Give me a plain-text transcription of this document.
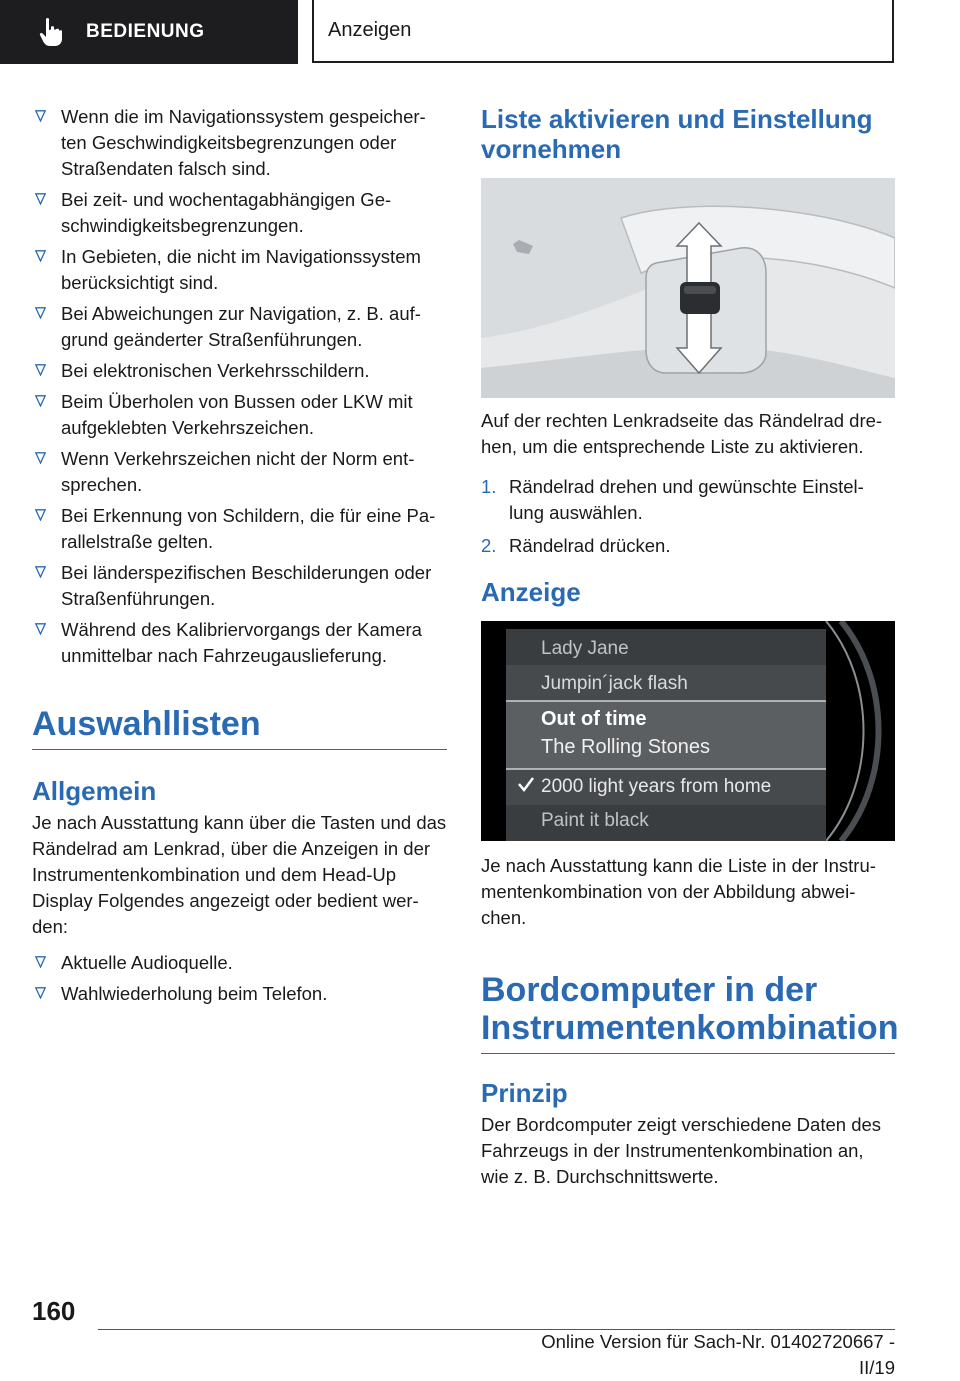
BEDIENUNG	Anzeigen
Wenn die im Navigationssystem gespeicher‐ten Geschwindigkeitsbegrenzungen oder Straßendaten falsch sind.
Bei zeit- und wochentagabhängigen Ge‐schwindigkeitsbegrenzungen.
In Gebieten, die nicht im Navigationssystem berücksichtigt sind.
Bei Abweichungen zur Navigation, z. B. auf‐grund geänderter Straßenführungen.
Bei elektronischen Verkehrsschildern.
Beim Überholen von Bussen oder LKW mit aufgeklebten Verkehrszeichen.
Wenn Verkehrszeichen nicht der Norm ent‐sprechen.
Bei Erkennung von Schildern, die für eine Pa‐rallelstraße gelten.
Bei länderspezifischen Beschilderungen oder Straßenführungen.
Während des Kalibriervorgangs der Kamera unmittelbar nach Fahrzeugauslieferung.
Auswahllisten
Allgemein

Je nach Ausstattung kann über die Tasten und das Rändelrad am Lenkrad, über die Anzeigen in der Instrumentenkombination und dem Head-Up Display Folgendes angezeigt oder bedient wer‐den:

Aktuelle Audioquelle.
Wahlwiederholung beim Telefon.
Liste aktivieren und Einstellung vornehmen

Auf der rechten Lenkradseite das Rändelrad dre‐hen, um die entsprechende Liste zu aktivieren.

1. Rändelrad drehen und gewünschte Einstel‐lung auswählen.
2. Rändelrad drücken.
Anzeige
Lady Jane
Jumpin´jack flash
Out of time
The Rolling Stones
2000 light years from home
Paint it black

Je nach Ausstattung kann die Liste in der Instru‐mentenkombination von der Abbildung abwei‐chen.

Bordcomputer in der Instrumentenkombination
Prinzip

Der Bordcomputer zeigt verschiedene Daten des Fahrzeugs in der Instrumentenkombination an, wie z. B. Durchschnittswerte.

160
Online Version für Sach-Nr. 01402720667 - II/19
